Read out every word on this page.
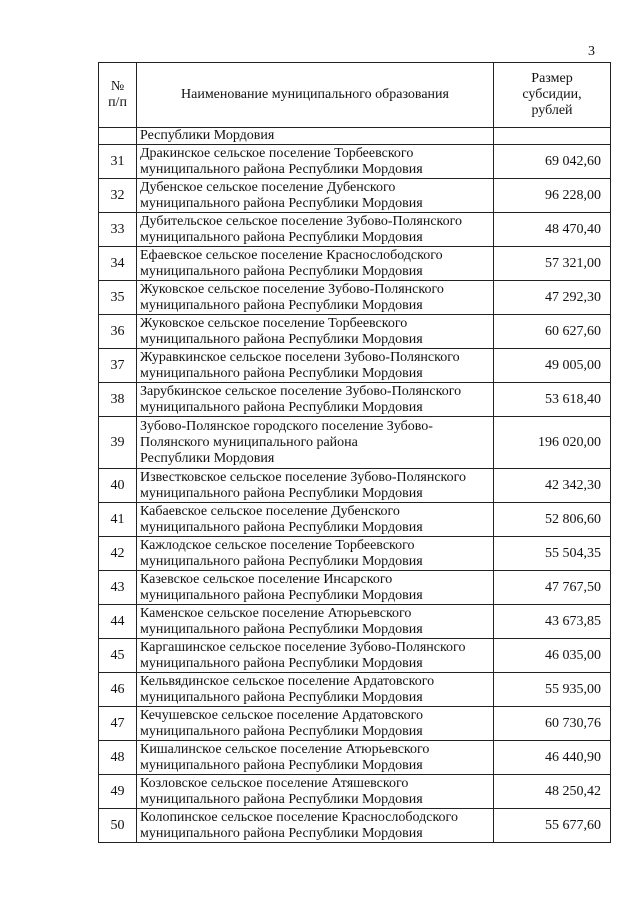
3
№
п/п	Наименование муниципального образования	Размер
субсидии,
рублей

	Республики Мордовия	
31	Дракинское сельское поселение Торбеевского
муниципального района Республики Мордовия	69 042,60
32	Дубенское сельское поселение Дубенского
муниципального района Республики Мордовия	96 228,00
33	Дубительское сельское поселение Зубово-Полянского
муниципального района Республики Мордовия	48 470,40
34	Ефаевское сельское поселение Краснослободского
муниципального района Республики Мордовия	57 321,00
35	Жуковское сельское поселение Зубово-Полянского
муниципального района Республики Мордовия	47 292,30
36	Жуковское сельское поселение Торбеевского
муниципального района Республики Мордовия	60 627,60
37	Журавкинское сельское поселени Зубово-Полянского
муниципального района Республики Мордовия	49 005,00
38	Зарубкинское сельское поселение Зубово-Полянского
муниципального района Республики Мордовия	53 618,40
39	Зубово-Полянское городского поселение Зубово-
Полянского муниципального района
Республики Мордовия	196 020,00
40	Известковское сельское поселение Зубово-Полянского
муниципального района Республики Мордовия	42 342,30
41	Кабаевское сельское поселение Дубенского
муниципального района Республики Мордовия	52 806,60
42	Кажлодское сельское поселение Торбеевского
муниципального района Республики Мордовия	55 504,35
43	Казевское сельское поселение Инсарского
муниципального района Республики Мордовия	47 767,50
44	Каменское сельское поселение Атюрьевского
муниципального района Республики Мордовия	43 673,85
45	Каргашинское сельское поселение Зубово-Полянского
муниципального района Республики Мордовия	46 035,00
46	Кельвядинское сельское поселение Ардатовского
муниципального района Республики Мордовия	55 935,00
47	Кечушевское сельское поселение Ардатовского
муниципального района Республики Мордовия	60 730,76
48	Кишалинское сельское поселение Атюрьевского
муниципального района Республики Мордовия	46 440,90
49	Козловское сельское поселение Атяшевского
муниципального района Республики Мордовия	48 250,42
50	Колопинское сельское поселение Краснослободского
муниципального района Республики Мордовия	55 677,60
